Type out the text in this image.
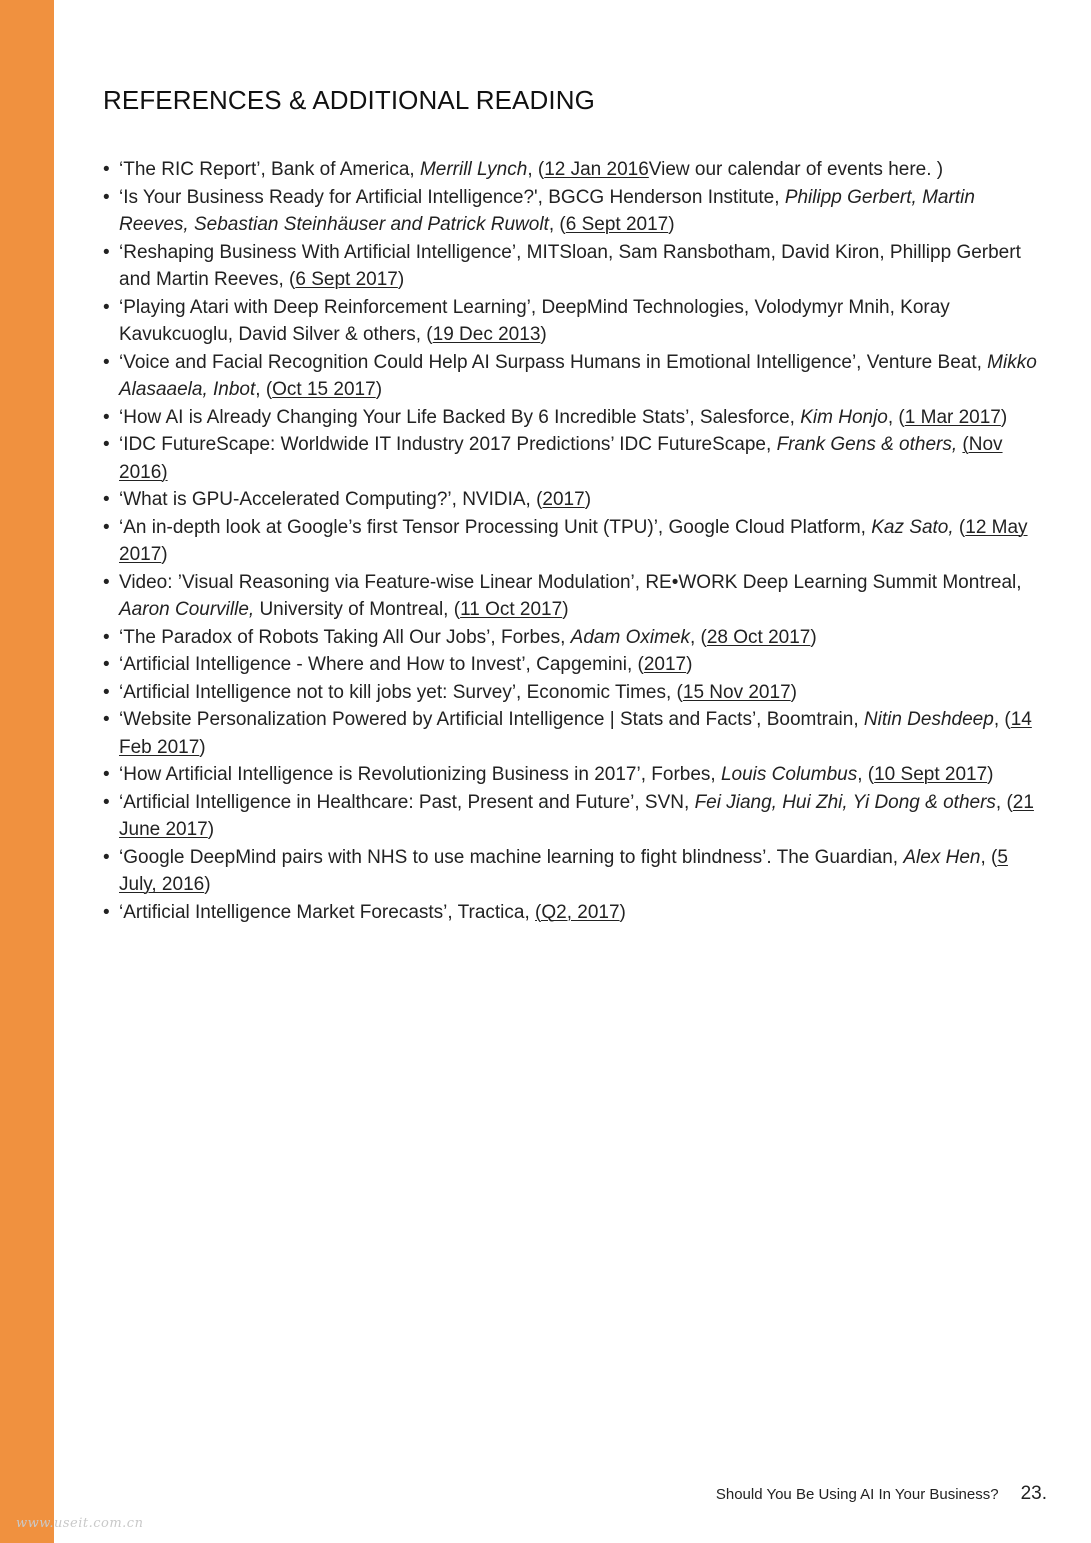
REFERENCES & ADDITIONAL READING
• ‘The RIC Report’, Bank of America, Merrill Lynch, (12 Jan 2016View our calendar of events here. )
• ‘Is Your Business Ready for Artificial Intelligence?', BGCG Henderson Institute, Philipp Gerbert, Martin Reeves, Sebastian Steinhäuser and Patrick Ruwolt, (6 Sept 2017)
• ‘Reshaping Business With Artificial Intelligence’, MITSloan, Sam Ransbotham, David Kiron, Phillipp Gerbert and Martin Reeves, (6 Sept 2017)
• ‘Playing Atari with Deep Reinforcement Learning’, DeepMind Technologies, Volodymyr Mnih, Koray Kavukcuoglu, David Silver & others, (19 Dec 2013)
• ‘Voice and Facial Recognition Could Help AI Surpass Humans in Emotional Intelligence’, Venture Beat, Mikko Alasaaela, Inbot, (Oct 15 2017)
• ‘How AI is Already Changing Your Life Backed By 6 Incredible Stats’, Salesforce, Kim Honjo, (1 Mar 2017)
• ‘IDC FutureScape: Worldwide IT Industry 2017 Predictions’ IDC FutureScape, Frank Gens & others, (Nov 2016)
• ‘What is GPU-Accelerated Computing?’, NVIDIA, (2017)
• ‘An in-depth look at Google’s first Tensor Processing Unit (TPU)’, Google Cloud Platform, Kaz Sato, (12 May 2017)
• Video: ’Visual Reasoning via Feature-wise Linear Modulation’, RE•WORK Deep Learning Summit Montreal, Aaron Courville, University of Montreal, (11 Oct 2017)
• ‘The Paradox of Robots Taking All Our Jobs’, Forbes, Adam Oximek, (28 Oct 2017)
• ‘Artificial Intelligence - Where and How to Invest’, Capgemini, (2017)
• ‘Artificial Intelligence not to kill jobs yet: Survey’, Economic Times, (15 Nov 2017)
• ‘Website Personalization Powered by Artificial Intelligence | Stats and Facts’, Boomtrain, Nitin Deshdeep, (14 Feb 2017)
• ‘How Artificial Intelligence is Revolutionizing Business in 2017’, Forbes, Louis Columbus, (10 Sept 2017)
• ‘Artificial Intelligence in Healthcare: Past, Present and Future’, SVN, Fei Jiang, Hui Zhi, Yi Dong & others, (21 June 2017)
• ‘Google DeepMind pairs with NHS to use machine learning to fight blindness’. The Guardian, Alex Hen, (5 July, 2016)
• ‘Artificial Intelligence Market Forecasts’, Tractica, (Q2, 2017)
Should You Be Using AI In Your Business? 23.
www.useit.com.cn
